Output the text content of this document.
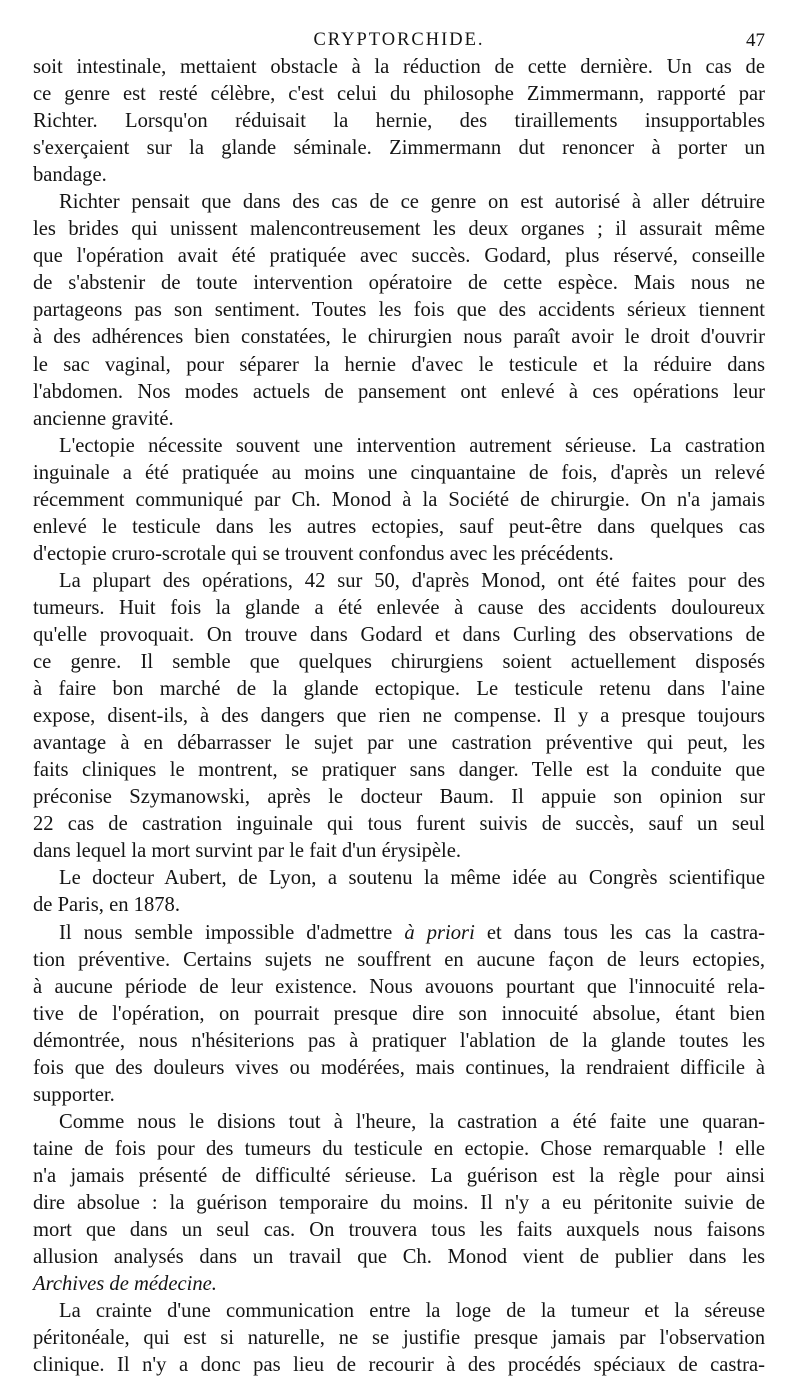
CRYPTORCHIDE.	47
soit intestinale, mettaient obstacle à la réduction de cette dernière. Un cas de
ce genre est resté célèbre, c'est celui du philosophe Zimmermann, rapporté par
Richter. Lorsqu'on réduisait la hernie, des tiraillements insupportables
s'exerçaient sur la glande séminale. Zimmermann dut renoncer à porter un
bandage.
Richter pensait que dans des cas de ce genre on est autorisé à aller détruire
les brides qui unissent malencontreusement les deux organes ; il assurait même
que l'opération avait été pratiquée avec succès. Godard, plus réservé, conseille
de s'abstenir de toute intervention opératoire de cette espèce. Mais nous ne
partageons pas son sentiment. Toutes les fois que des accidents sérieux tiennent
à des adhérences bien constatées, le chirurgien nous paraît avoir le droit d'ouvrir
le sac vaginal, pour séparer la hernie d'avec le testicule et la réduire dans
l'abdomen. Nos modes actuels de pansement ont enlevé à ces opérations leur
ancienne gravité.
L'ectopie nécessite souvent une intervention autrement sérieuse. La castration
inguinale a été pratiquée au moins une cinquantaine de fois, d'après un relevé
récemment communiqué par Ch. Monod à la Société de chirurgie. On n'a jamais
enlevé le testicule dans les autres ectopies, sauf peut-être dans quelques cas
d'ectopie cruro-scrotale qui se trouvent confondus avec les précédents.
La plupart des opérations, 42 sur 50, d'après Monod, ont été faites pour des
tumeurs. Huit fois la glande a été enlevée à cause des accidents douloureux
qu'elle provoquait. On trouve dans Godard et dans Curling des observations de
ce genre. Il semble que quelques chirurgiens soient actuellement disposés
à faire bon marché de la glande ectopique. Le testicule retenu dans l'aine
expose, disent-ils, à des dangers que rien ne compense. Il y a presque toujours
avantage à en débarrasser le sujet par une castration préventive qui peut, les
faits cliniques le montrent, se pratiquer sans danger. Telle est la conduite que
préconise Szymanowski, après le docteur Baum. Il appuie son opinion sur
22 cas de castration inguinale qui tous furent suivis de succès, sauf un seul
dans lequel la mort survint par le fait d'un érysipèle.
Le docteur Aubert, de Lyon, a soutenu la même idée au Congrès scientifique
de Paris, en 1878.
Il nous semble impossible d'admettre à priori et dans tous les cas la castra-
tion préventive. Certains sujets ne souffrent en aucune façon de leurs ectopies,
à aucune période de leur existence. Nous avouons pourtant que l'innocuité rela-
tive de l'opération, on pourrait presque dire son innocuité absolue, étant bien
démontrée, nous n'hésiterions pas à pratiquer l'ablation de la glande toutes les
fois que des douleurs vives ou modérées, mais continues, la rendraient difficile à
supporter.
Comme nous le disions tout à l'heure, la castration a été faite une quaran-
taine de fois pour des tumeurs du testicule en ectopie. Chose remarquable ! elle
n'a jamais présenté de difficulté sérieuse. La guérison est la règle pour ainsi
dire absolue : la guérison temporaire du moins. Il n'y a eu péritonite suivie de
mort que dans un seul cas. On trouvera tous les faits auxquels nous faisons
allusion analysés dans un travail que Ch. Monod vient de publier dans les
Archives de médecine.
La crainte d'une communication entre la loge de la tumeur et la séreuse
péritonéale, qui est si naturelle, ne se justifie presque jamais par l'observation
clinique. Il n'y a donc pas lieu de recourir à des procédés spéciaux de castra-
